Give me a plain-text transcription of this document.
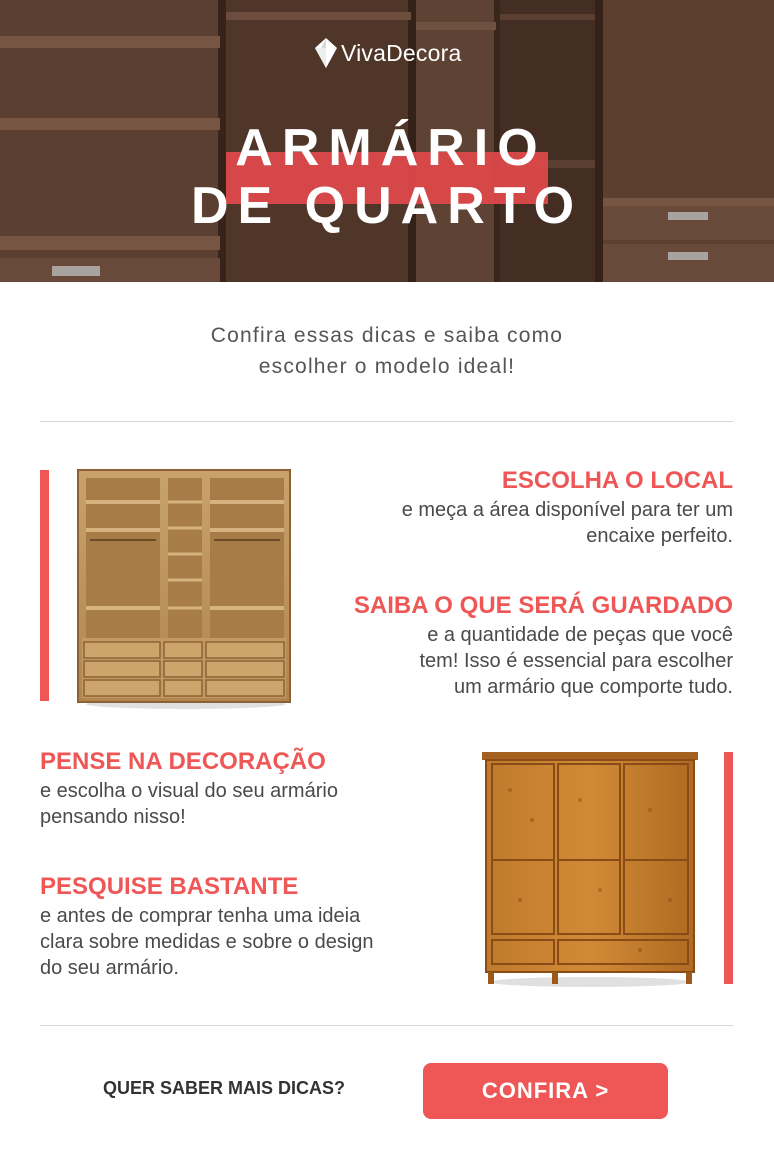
VivaDecora
ARMÁRIO
DE QUARTO
Confira essas dicas e saiba como
escolher o modelo ideal!
ESCOLHA O LOCAL
e meça a área disponível para ter um
encaixe perfeito.
SAIBA O QUE SERÁ GUARDADO
e a quantidade de peças que você
tem! Isso é essencial para escolher
um armário que comporte tudo.
PENSE NA DECORAÇÃO
e escolha o visual do seu armário
pensando nisso!
PESQUISE BASTANTE
e antes de comprar tenha uma ideia
clara sobre medidas e sobre o design
do seu armário.
QUER SABER MAIS DICAS?	CONFIRA >
